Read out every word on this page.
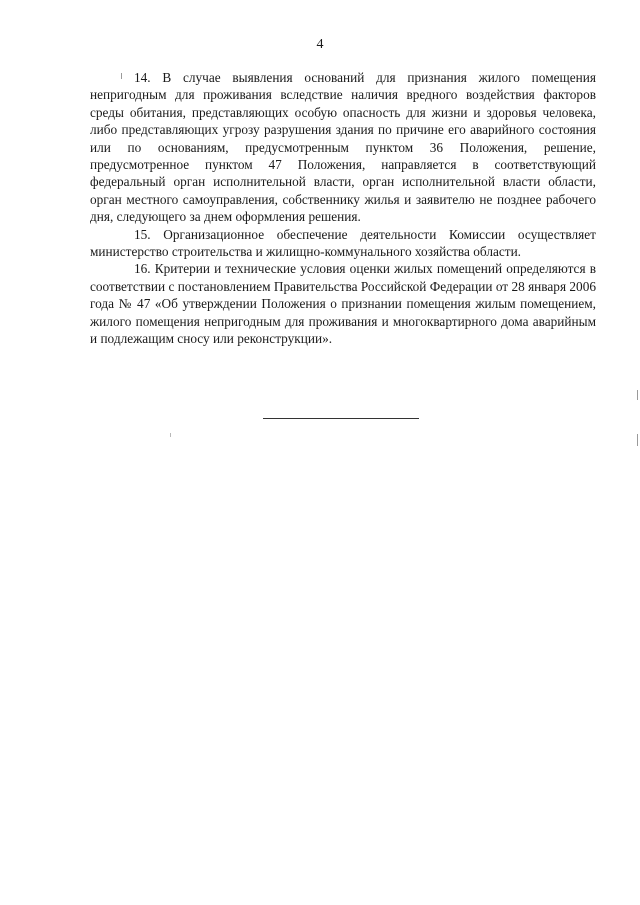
4

14. В случае выявления оснований для признания жилого помещения непригодным для проживания вследствие наличия вредного воздействия факторов среды обитания, представляющих особую опасность для жизни и здоровья человека, либо представляющих угрозу разрушения здания по причине его аварийного состояния или по основаниям, предусмотренным пунктом 36 Положения, решение, предусмотренное пунктом 47 Положения, направляется в соответствующий федеральный орган исполнительной власти, орган исполнительной власти области, орган местного самоуправления, собственнику жилья и заявителю не позднее рабочего дня, следующего за днем оформления решения.

15. Организационное обеспечение деятельности Комиссии осуществляет министерство строительства и жилищно-коммунального хозяйства области.

16. Критерии и технические условия оценки жилых помещений определяются в соответствии с постановлением Правительства Российской Федерации от 28 января 2006 года № 47 «Об утверждении Положения о признании помещения жилым помещением, жилого помещения непригодным для проживания и многоквартирного дома аварийным и подлежащим сносу или реконструкции».
